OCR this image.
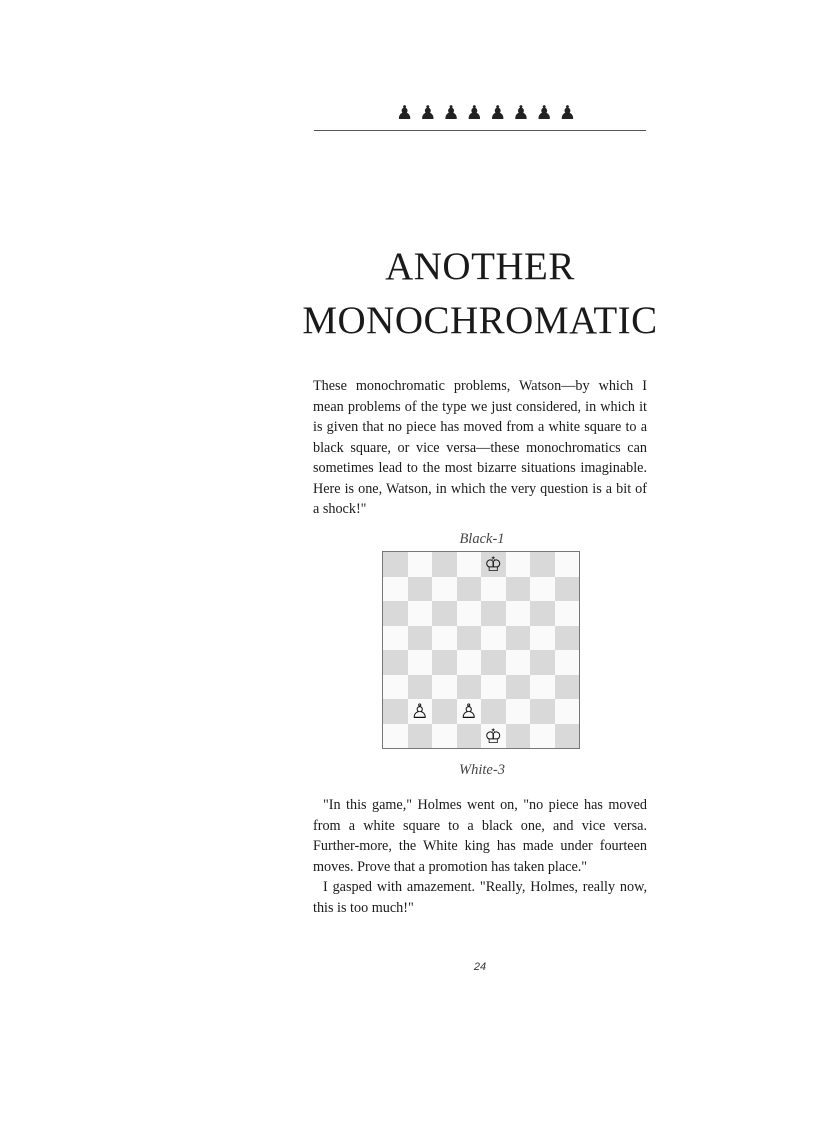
♟ ♟ ♟ ♟ ♟ ♟ ♟ ♟
ANOTHER
MONOCHROMATIC

These monochromatic problems, Watson—by which I mean problems of the type we just considered, in which it is given that no piece has moved from a white square to a black square, or vice versa—these monochromatics can sometimes lead to the most bizarre situations imaginable. Here is one, Watson, in which the very question is a bit of a shock!"

Black-1
♔
♙ ♙
♔
White-3

"In this game," Holmes went on, "no piece has moved from a white square to a black one, and vice versa. Further-more, the White king has made under fourteen moves. Prove that a promotion has taken place."

I gasped with amazement. "Really, Holmes, really now, this is too much!"

24
